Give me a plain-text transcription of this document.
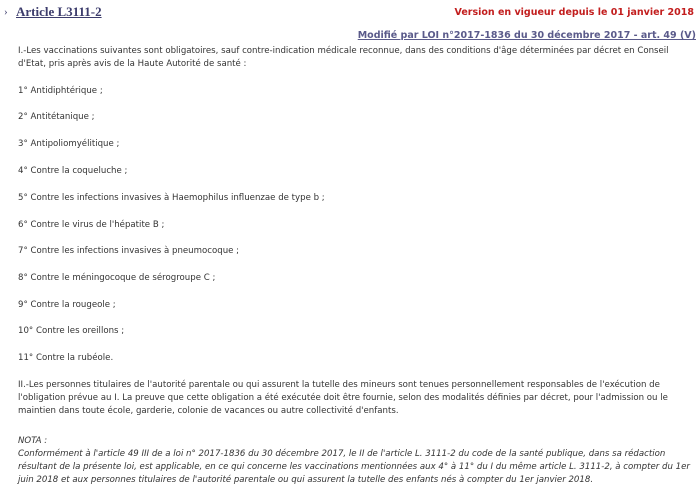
› Article L3111-2	Version en vigueur depuis le 01 janvier 2018
Modifié par LOI n°2017-1836 du 30 décembre 2017 - art. 49 (V)

I.-Les vaccinations suivantes sont obligatoires, sauf contre-indication médicale reconnue, dans des conditions d'âge déterminées par décret en Conseil d'Etat, pris après avis de la Haute Autorité de santé :

1° Antidiphtérique ;

2° Antitétanique ;

3° Antipoliomyélitique ;

4° Contre la coqueluche ;

5° Contre les infections invasives à Haemophilus influenzae de type b ;

6° Contre le virus de l'hépatite B ;

7° Contre les infections invasives à pneumocoque ;

8° Contre le méningocoque de sérogroupe C ;

9° Contre la rougeole ;

10° Contre les oreillons ;

11° Contre la rubéole.

II.-Les personnes titulaires de l'autorité parentale ou qui assurent la tutelle des mineurs sont tenues personnellement responsables de l'exécution de l'obligation prévue au I. La preuve que cette obligation a été exécutée doit être fournie, selon des modalités définies par décret, pour l'admission ou le maintien dans toute école, garderie, colonie de vacances ou autre collectivité d'enfants.

NOTA :

Conformément à l'article 49 III de a loi n° 2017-1836 du 30 décembre 2017, le II de l'article L. 3111-2 du code de la santé publique, dans sa rédaction résultant de la présente loi, est applicable, en ce qui concerne les vaccinations mentionnées aux 4° à 11° du I du même article L. 3111-2, à compter du 1er juin 2018 et aux personnes titulaires de l'autorité parentale ou qui assurent la tutelle des enfants nés à compter du 1er janvier 2018.
